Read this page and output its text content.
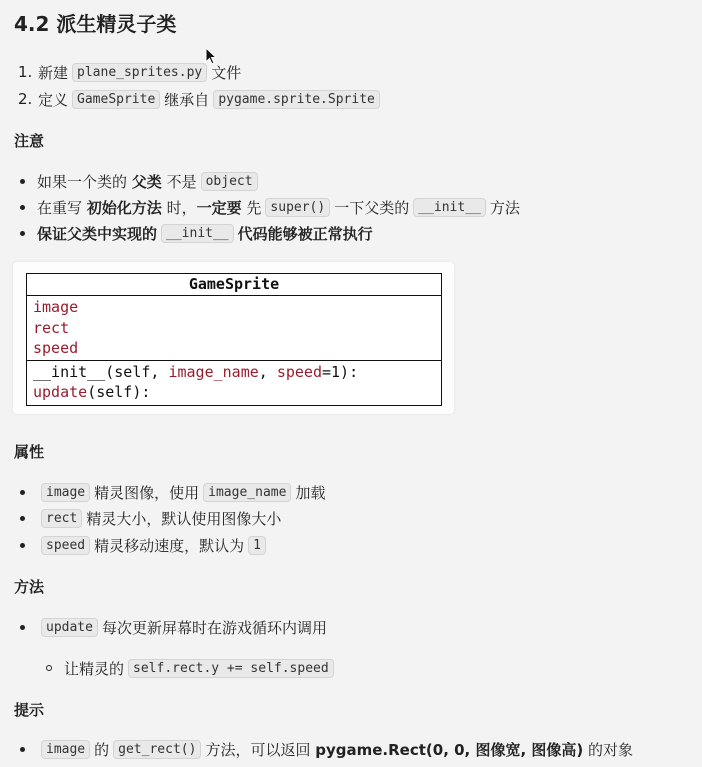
4.2 派生精灵子类
1. 新建 plane_sprites.py 文件
2. 定义 GameSprite 继承自 pygame.sprite.Sprite
注意
如果一个类的
父类
不是 object
在重写
初始化方法
时， 一定要
先 super() 一下父类的 __init__ 方法
保证父类中实现的 __init__ 代码能够被正常执行
GameSprite
image
rect
speed
__init__(self, image_name, speed=1):
update(self):
属性
image 精灵图像，使用 image_name 加载
rect 精灵大小，默认使用图像大小
speed 精灵移动速度，默认为 1
方法
update 每次更新屏幕时在游戏循环内调用
让精灵的 self.rect.y += self.speed
提示
image 的 get_rect() 方法，可以返回
pygame.Rect(0, 0, 图像宽, 图像高)
的对象
